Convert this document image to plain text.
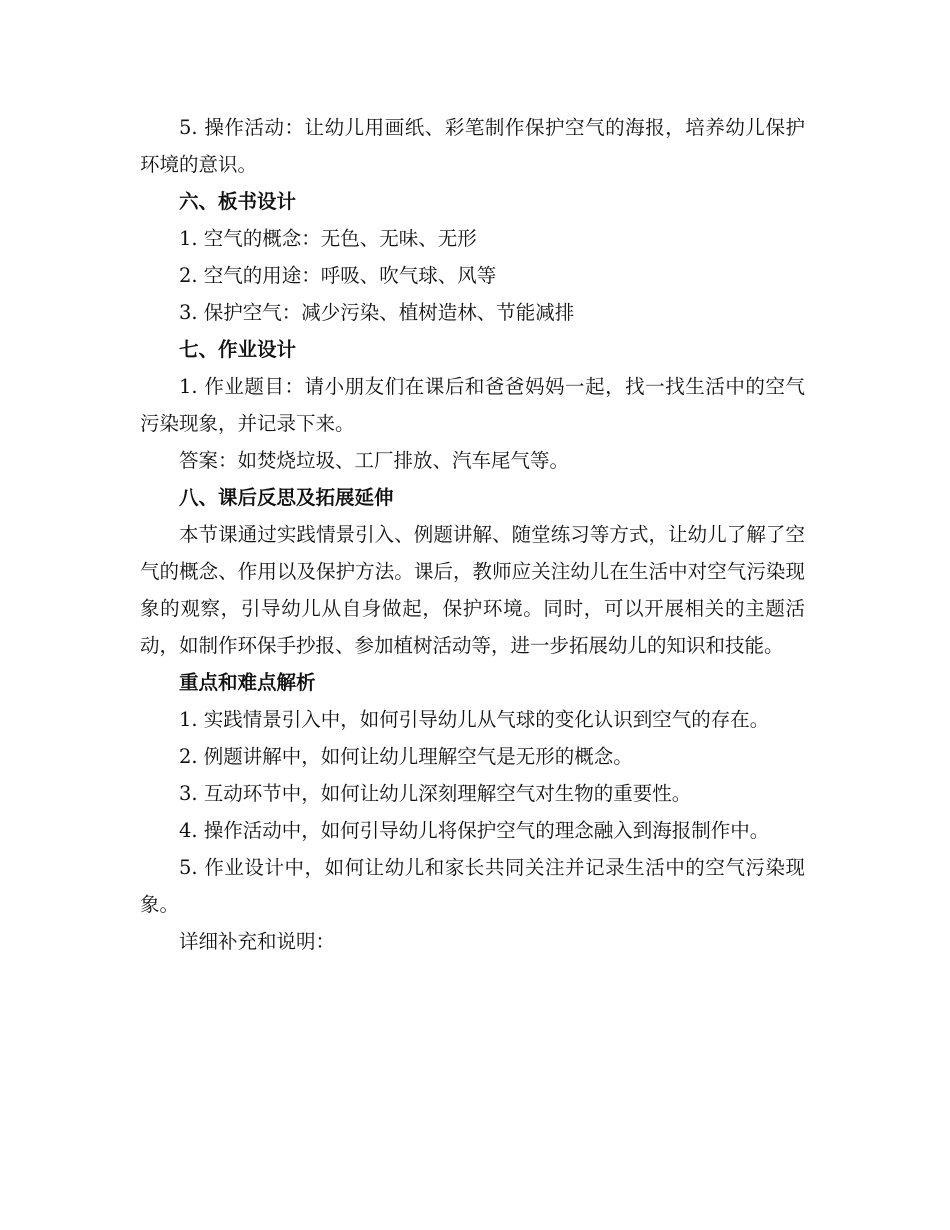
5. 操作活动：让幼儿用画纸、彩笔制作保护空气的海报，培养幼儿保护环境的意识。

六、板书设计

1. 空气的概念：无色、无味、无形

2. 空气的用途：呼吸、吹气球、风等

3. 保护空气：减少污染、植树造林、节能减排

七、作业设计

1. 作业题目：请小朋友们在课后和爸爸妈妈一起，找一找生活中的空气污染现象，并记录下来。

答案：如焚烧垃圾、工厂排放、汽车尾气等。

八、课后反思及拓展延伸

本节课通过实践情景引入、例题讲解、随堂练习等方式，让幼儿了解了空气的概念、作用以及保护方法。课后，教师应关注幼儿在生活中对空气污染现象的观察，引导幼儿从自身做起，保护环境。同时，可以开展相关的主题活动，如制作环保手抄报、参加植树活动等，进一步拓展幼儿的知识和技能。

重点和难点解析

1. 实践情景引入中，如何引导幼儿从气球的变化认识到空气的存在。

2. 例题讲解中，如何让幼儿理解空气是无形的概念。

3. 互动环节中，如何让幼儿深刻理解空气对生物的重要性。

4. 操作活动中，如何引导幼儿将保护空气的理念融入到海报制作中。

5. 作业设计中，如何让幼儿和家长共同关注并记录生活中的空气污染现象。

详细补充和说明：
